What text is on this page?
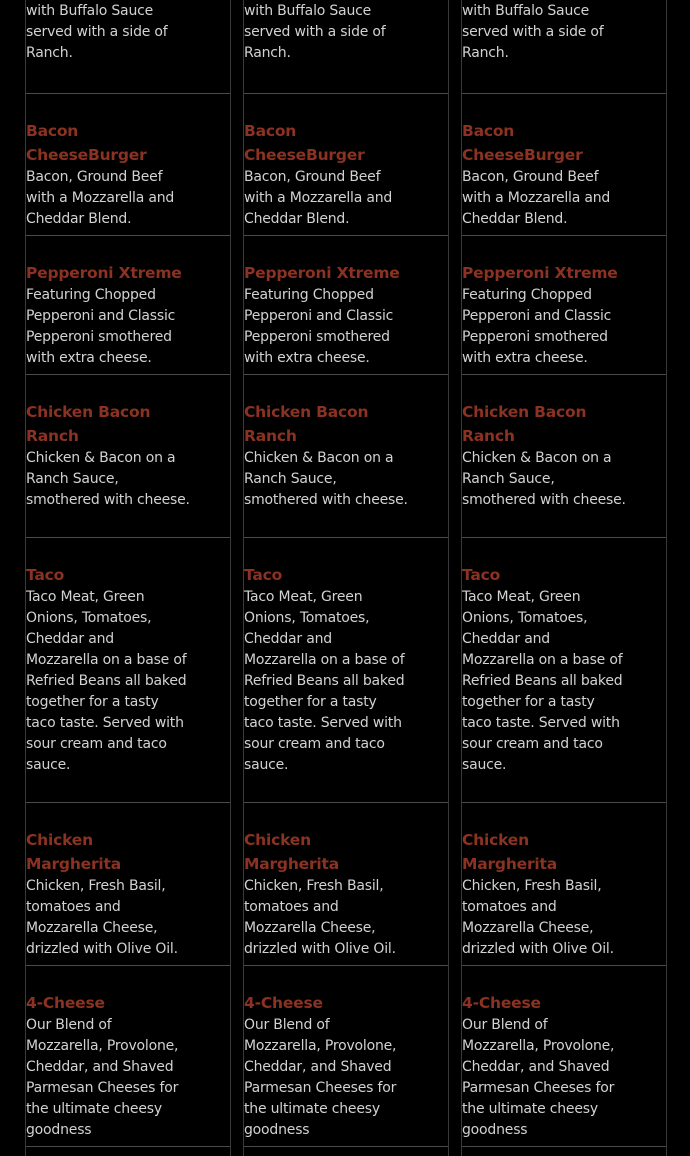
with Buffalo Sauce served with a side of Ranch.

Bacon CheeseBurger

Bacon, Ground Beef with a Mozzarella and Cheddar Blend.

Pepperoni Xtreme

Featuring Chopped Pepperoni and Classic Pepperoni smothered with extra cheese.

Chicken Bacon Ranch

Chicken & Bacon on a Ranch Sauce, smothered with cheese.

Taco

Taco Meat, Green Onions, Tomatoes, Cheddar and Mozzarella on a base of Refried Beans all baked together for a tasty taco taste. Served with sour cream and taco sauce.

Chicken Margherita

Chicken, Fresh Basil, tomatoes and Mozzarella Cheese, drizzled with Olive Oil.

4-Cheese

Our Blend of Mozzarella, Provolone, Cheddar, and Shaved Parmesan Cheeses for the ultimate cheesy goodness

with Buffalo Sauce served with a side of Ranch.

Bacon CheeseBurger

Bacon, Ground Beef with a Mozzarella and Cheddar Blend.

Pepperoni Xtreme

Featuring Chopped Pepperoni and Classic Pepperoni smothered with extra cheese.

Chicken Bacon Ranch

Chicken & Bacon on a Ranch Sauce, smothered with cheese.

Taco

Taco Meat, Green Onions, Tomatoes, Cheddar and Mozzarella on a base of Refried Beans all baked together for a tasty taco taste. Served with sour cream and taco sauce.

Chicken Margherita

Chicken, Fresh Basil, tomatoes and Mozzarella Cheese, drizzled with Olive Oil.

4-Cheese

Our Blend of Mozzarella, Provolone, Cheddar, and Shaved Parmesan Cheeses for the ultimate cheesy goodness

with Buffalo Sauce served with a side of Ranch.

Bacon CheeseBurger

Bacon, Ground Beef with a Mozzarella and Cheddar Blend.

Pepperoni Xtreme

Featuring Chopped Pepperoni and Classic Pepperoni smothered with extra cheese.

Chicken Bacon Ranch

Chicken & Bacon on a Ranch Sauce, smothered with cheese.

Taco

Taco Meat, Green Onions, Tomatoes, Cheddar and Mozzarella on a base of Refried Beans all baked together for a tasty taco taste. Served with sour cream and taco sauce.

Chicken Margherita

Chicken, Fresh Basil, tomatoes and Mozzarella Cheese, drizzled with Olive Oil.

4-Cheese

Our Blend of Mozzarella, Provolone, Cheddar, and Shaved Parmesan Cheeses for the ultimate cheesy goodness
